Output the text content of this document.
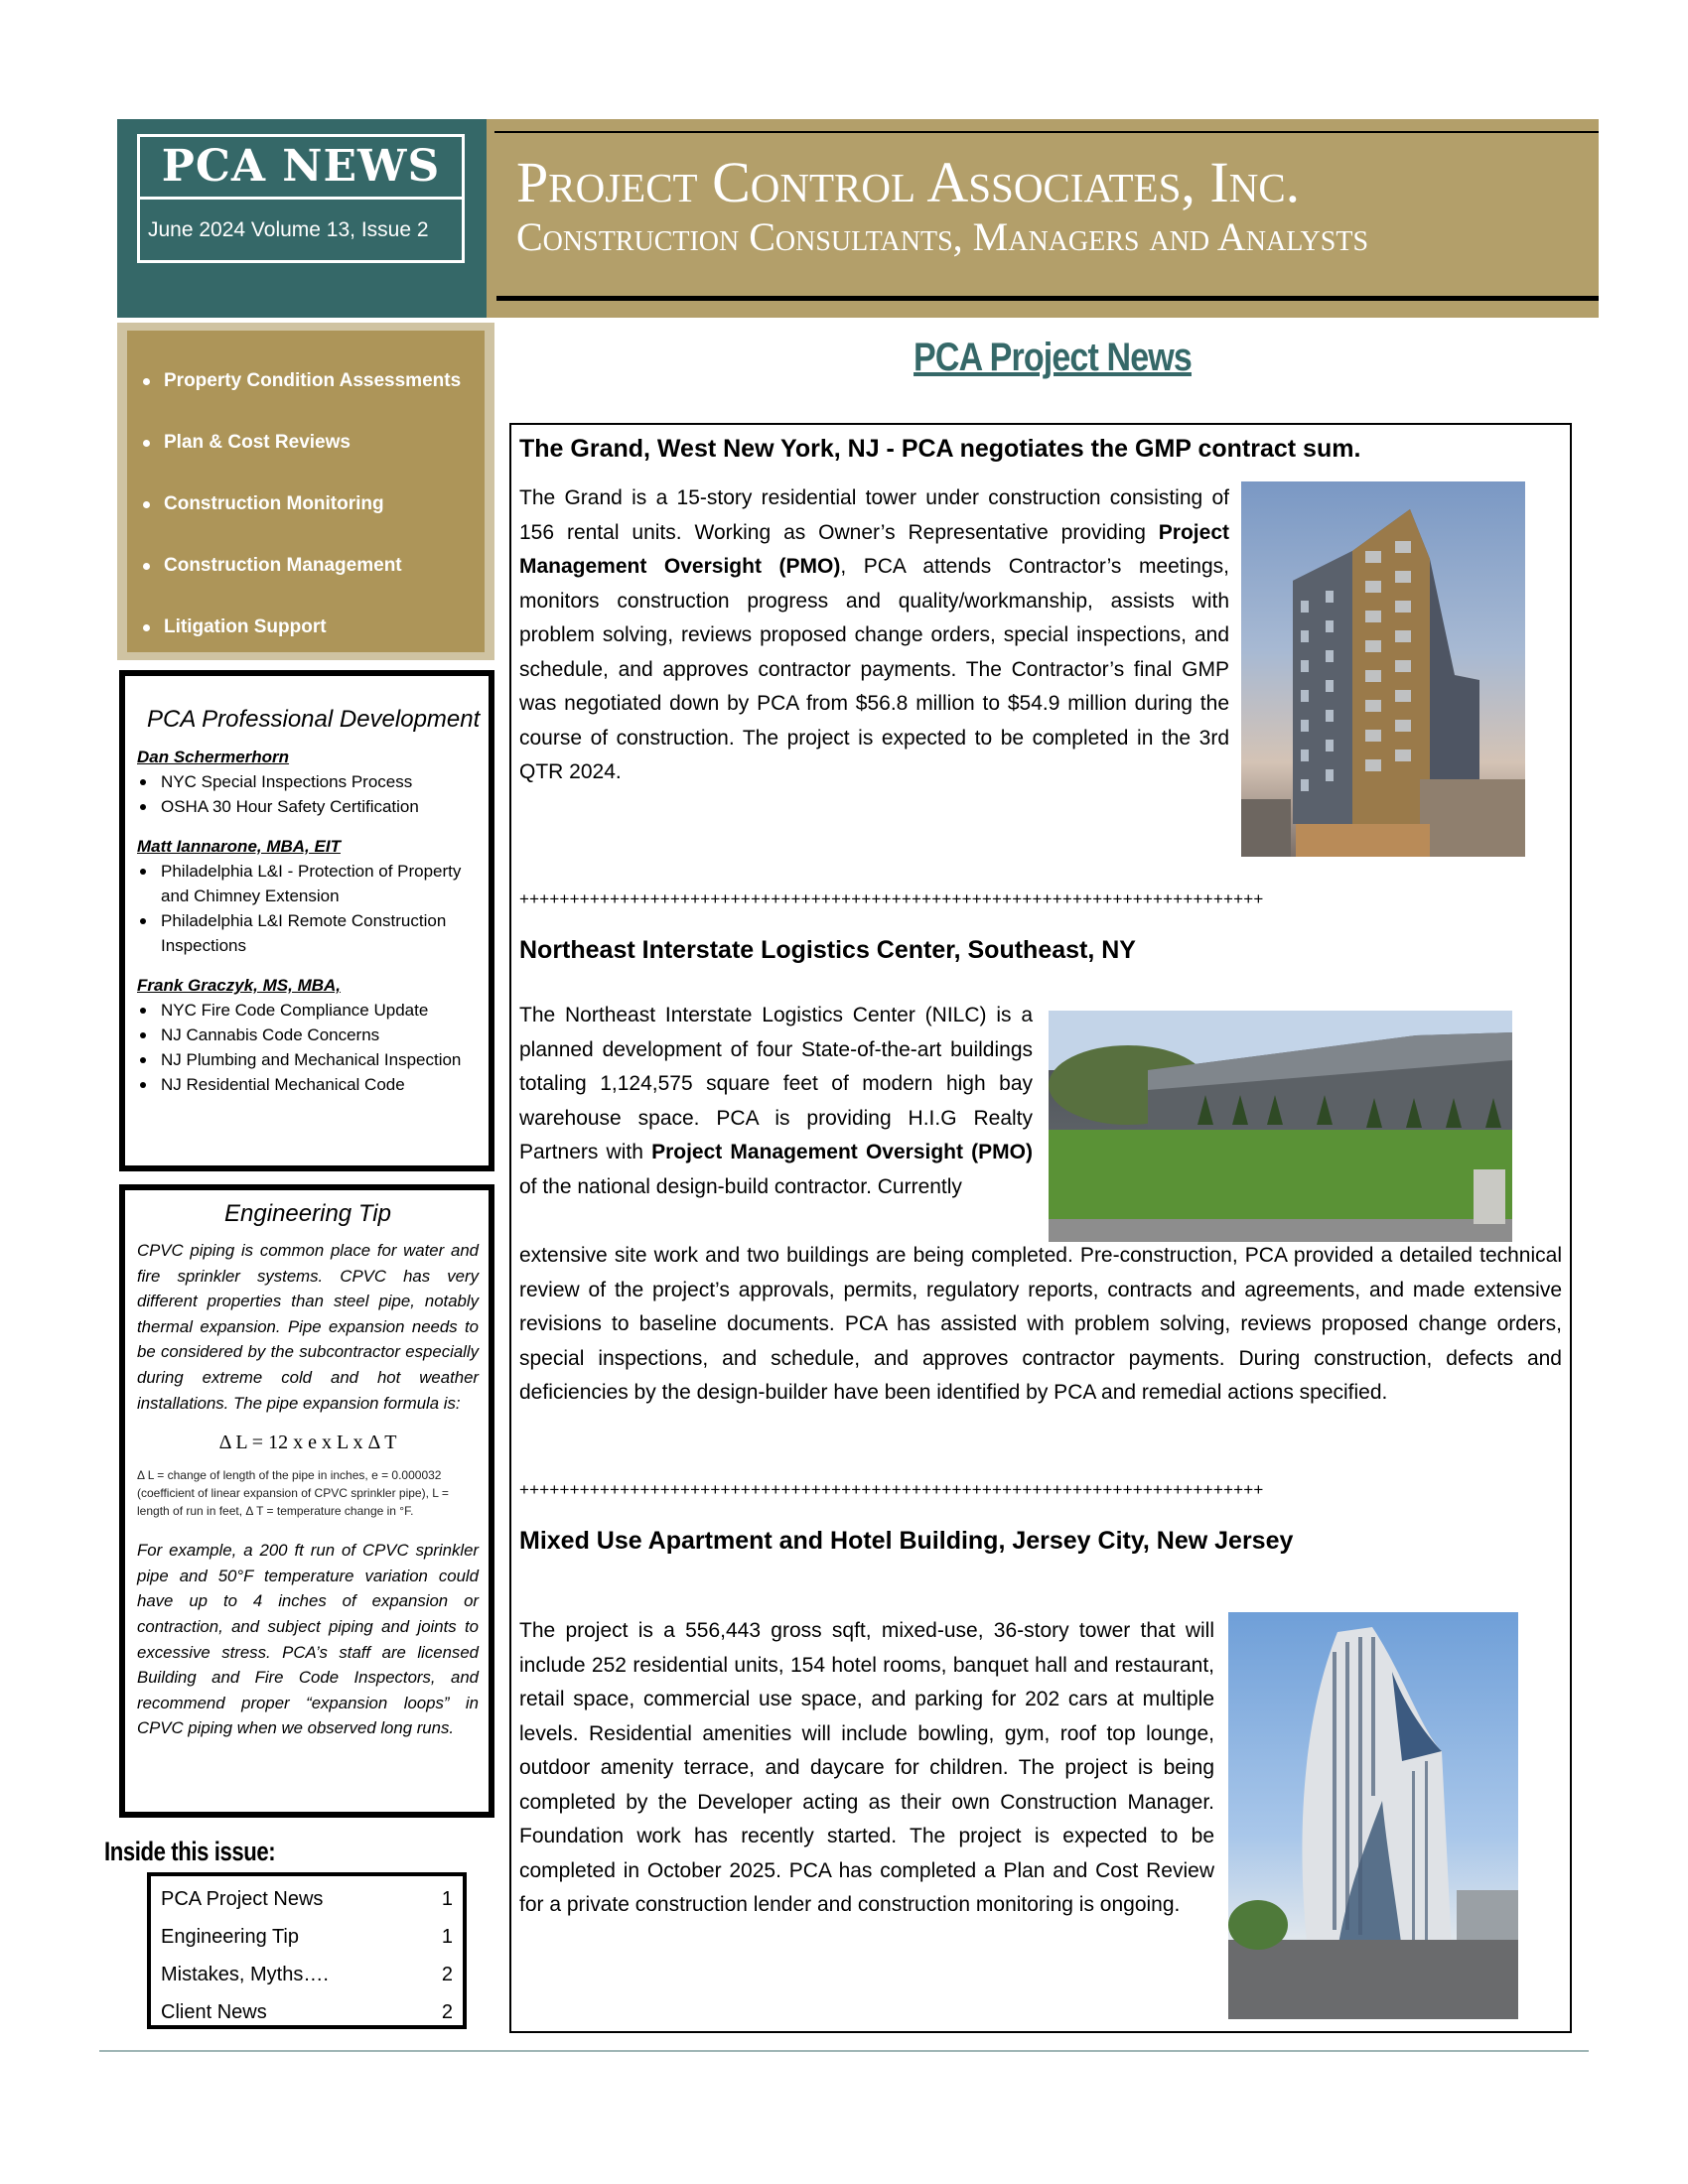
PCA NEWS
June 2024 Volume 13, Issue 2
Project Control Associates, Inc.
Construction Consultants, Managers and Analysts
Property Condition Assessments
Plan & Cost Reviews
Construction Monitoring
Construction Management
Litigation Support
PCA Professional Development
Dan Schermerhorn
NYC Special Inspections Process
OSHA 30 Hour Safety Certification
Matt Iannarone, MBA, EIT
Philadelphia L&I - Protection of Property and Chimney Extension
Philadelphia L&I Remote Construction Inspections
Frank Graczyk, MS, MBA,
NYC Fire Code Compliance Update
NJ Cannabis Code Concerns
NJ Plumbing and Mechanical Inspection
NJ Residential Mechanical Code
Engineering Tip

CPVC piping is common place for water and fire sprinkler systems. CPVC has very different properties than steel pipe, notably thermal expansion. Pipe expansion needs to be considered by the subcontractor especially during extreme cold and hot weather installations. The pipe expansion formula is:

Δ L = 12 x e x L x Δ T

Δ L = change of length of the pipe in inches, e = 0.000032 (coefficient of linear expansion of CPVC sprinkler pipe), L = length of run in feet, Δ T = temperature change in °F.

For example, a 200 ft run of CPVC sprinkler pipe and 50°F temperature variation could have up to 4 inches of expansion or contraction, and subject piping and joints to excessive stress. PCA’s staff are licensed Building and Fire Code Inspectors, and recommend proper “expansion loops” in CPVC piping when we observed long runs.

Inside this issue:
PCA Project News	1
Engineering Tip	1
Mistakes, Myths….	2
Client News	2
PCA Project News
The Grand, West New York, NJ - PCA negotiates the GMP contract sum.
The Grand is a 15-story residential tower under construction consisting of 156 rental units. Working as Owner’s Representative providing Project Management Oversight (PMO), PCA attends Contractor’s meetings, monitors construction progress and quality/workmanship, assists with problem solving, reviews proposed change orders, special inspections, and schedule, and approves contractor payments. The Contractor’s final GMP was negotiated down by PCA from $56.8 million to $54.9 million during the course of construction. The project is expected to be completed in the 3rd QTR 2024.
++++++++++++++++++++++++++++++++++++++++++++++++++++++++++++++++++++++++++
Northeast Interstate Logistics Center, Southeast, NY
The Northeast Interstate Logistics Center (NILC) is a planned development of four State-of-the-art buildings totaling 1,124,575 square feet of modern high bay warehouse space. PCA is providing H.I.G Realty Partners with Project Management Oversight (PMO) of the national design-build contractor. Currently
extensive site work and two buildings are being completed. Pre-construction, PCA provided a detailed technical review of the project’s approvals, permits, regulatory reports, contracts and agreements, and made extensive revisions to baseline documents. PCA has assisted with problem solving, reviews proposed change orders, special inspections, and schedule, and approves contractor payments. During construction, defects and deficiencies by the design-builder have been identified by PCA and remedial actions specified.
++++++++++++++++++++++++++++++++++++++++++++++++++++++++++++++++++++++++++
Mixed Use Apartment and Hotel Building, Jersey City, New Jersey
The project is a 556,443 gross sqft, mixed-use, 36-story tower that will include 252 residential units, 154 hotel rooms, banquet hall and restaurant, retail space, commercial use space, and parking for 202 cars at multiple levels. Residential amenities will include bowling, gym, roof top lounge, outdoor amenity terrace, and daycare for children. The project is being completed by the Developer acting as their own Construction Manager. Foundation work has recently started. The project is expected to be completed in October 2025. PCA has completed a Plan and Cost Review for a private construction lender and construction monitoring is ongoing.
